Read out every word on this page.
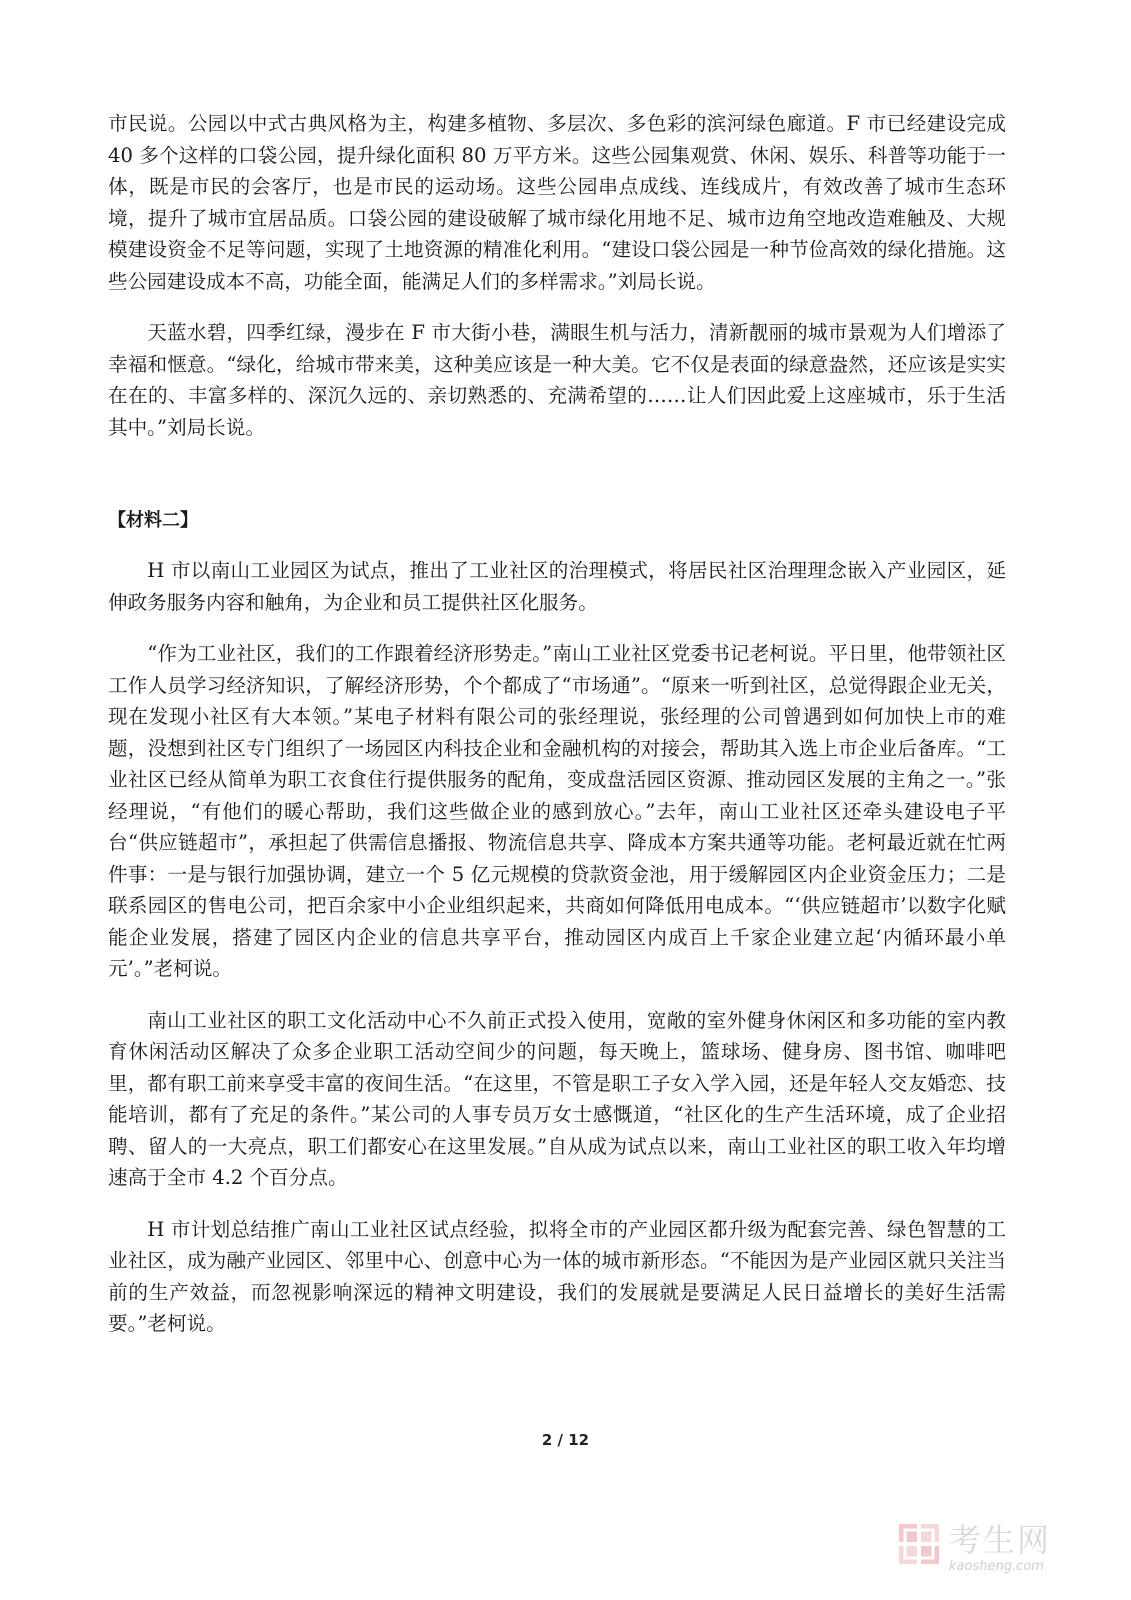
市民说。公园以中式古典风格为主，构建多植物、多层次、多色彩的滨河绿色廊道。F 市已经建设完成 40 多个这样的口袋公园，提升绿化面积 80 万平方米。这些公园集观赏、休闲、娱乐、科普等功能于一体，既是市民的会客厅，也是市民的运动场。这些公园串点成线、连线成片，有效改善了城市生态环境，提升了城市宜居品质。口袋公园的建设破解了城市绿化用地不足、城市边角空地改造难触及、大规模建设资金不足等问题，实现了土地资源的精准化利用。“建设口袋公园是一种节俭高效的绿化措施。这些公园建设成本不高，功能全面，能满足人们的多样需求。”刘局长说。

天蓝水碧，四季红绿，漫步在 F 市大街小巷，满眼生机与活力，清新靓丽的城市景观为人们增添了幸福和惬意。“绿化，给城市带来美，这种美应该是一种大美。它不仅是表面的绿意盎然，还应该是实实在在的、丰富多样的、深沉久远的、亲切熟悉的、充满希望的……让人们因此爱上这座城市，乐于生活其中。”刘局长说。

【材料二】

H 市以南山工业园区为试点，推出了工业社区的治理模式，将居民社区治理理念嵌入产业园区，延伸政务服务内容和触角，为企业和员工提供社区化服务。

“作为工业社区，我们的工作跟着经济形势走。”南山工业社区党委书记老柯说。平日里，他带领社区工作人员学习经济知识，了解经济形势，个个都成了“市场通”。“原来一听到社区，总觉得跟企业无关，现在发现小社区有大本领。”某电子材料有限公司的张经理说，张经理的公司曾遇到如何加快上市的难题，没想到社区专门组织了一场园区内科技企业和金融机构的对接会，帮助其入选上市企业后备库。“工业社区已经从简单为职工衣食住行提供服务的配角，变成盘活园区资源、推动园区发展的主角之一。”张经理说，“有他们的暖心帮助，我们这些做企业的感到放心。”去年，南山工业社区还牵头建设电子平台“供应链超市”，承担起了供需信息播报、物流信息共享、降成本方案共通等功能。老柯最近就在忙两件事：一是与银行加强协调，建立一个 5 亿元规模的贷款资金池，用于缓解园区内企业资金压力；二是联系园区的售电公司，把百余家中小企业组织起来，共商如何降低用电成本。“‘供应链超市’以数字化赋能企业发展，搭建了园区内企业的信息共享平台，推动园区内成百上千家企业建立起‘内循环最小单元’。”老柯说。

南山工业社区的职工文化活动中心不久前正式投入使用，宽敞的室外健身休闲区和多功能的室内教育休闲活动区解决了众多企业职工活动空间少的问题，每天晚上，篮球场、健身房、图书馆、咖啡吧里，都有职工前来享受丰富的夜间生活。“在这里，不管是职工子女入学入园，还是年轻人交友婚恋、技能培训，都有了充足的条件。”某公司的人事专员万女士感慨道，“社区化的生产生活环境，成了企业招聘、留人的一大亮点，职工们都安心在这里发展。”自从成为试点以来，南山工业社区的职工收入年均增速高于全市 4.2 个百分点。

H 市计划总结推广南山工业社区试点经验，拟将全市的产业园区都升级为配套完善、绿色智慧的工业社区，成为融产业园区、邻里中心、创意中心为一体的城市新形态。“不能因为是产业园区就只关注当前的生产效益，而忽视影响深远的精神文明建设，我们的发展就是要满足人民日益增长的美好生活需要。”老柯说。

2 / 12
考生网
kaosheng.com
